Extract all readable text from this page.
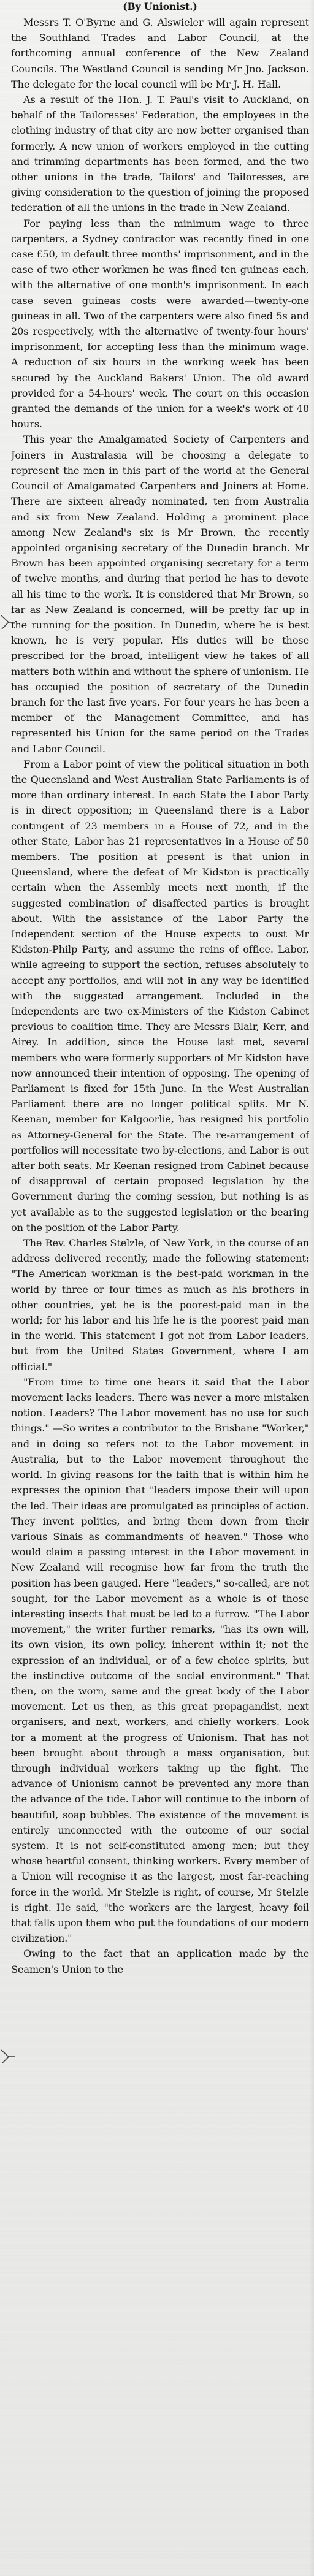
(By Unionist.)

Messrs T. O'Byrne and G. Alswieler will again represent the Southland Trades and Labor Council, at the forthcoming annual conference of the New Zealand Councils. The Westland Council is sending Mr Jno. Jackson. The delegate for the local council will be Mr J. H. Hall.

As a result of the Hon. J. T. Paul's visit to Auckland, on behalf of the Tailoresses' Federation, the employees in the clothing industry of that city are now better organised than formerly. A new union of workers employed in the cutting and trimming departments has been formed, and the two other unions in the trade, Tailors' and Tailoresses, are giving consideration to the question of joining the proposed federation of all the unions in the trade in New Zealand.

For paying less than the minimum wage to three carpenters, a Sydney contractor was recently fined in one case £50, in default three months' imprisonment, and in the case of two other workmen he was fined ten guineas each, with the alternative of one month's imprisonment. In each case seven guineas costs were awarded—twenty-one guineas in all. Two of the carpenters were also fined 5s and 20s respectively, with the alternative of twenty-four hours' imprisonment, for accepting less than the minimum wage. A reduction of six hours in the working week has been secured by the Auckland Bakers' Union. The old award provided for a 54-hours' week. The court on this occasion granted the demands of the union for a week's work of 48 hours.

This year the Amalgamated Society of Carpenters and Joiners in Australasia will be choosing a delegate to represent the men in this part of the world at the General Council of Amalgamated Carpenters and Joiners at Home. There are sixteen already nominated, ten from Australia and six from New Zealand. Holding a prominent place among New Zealand's six is Mr Brown, the recently appointed organising secretary of the Dunedin branch. Mr Brown has been appointed organising secretary for a term of twelve months, and during that period he has to devote all his time to the work. It is considered that Mr Brown, so far as New Zealand is concerned, will be pretty far up in the running for the position. In Dunedin, where he is best known, he is very popular. His duties will be those prescribed for the broad, intelligent view he takes of all matters both within and without the sphere of unionism. He has occupied the position of secretary of the Dunedin branch for the last five years. For four years he has been a member of the Management Committee, and has represented his Union for the same period on the Trades and Labor Council.

From a Labor point of view the political situation in both the Queensland and West Australian State Parliaments is of more than ordinary interest. In each State the Labor Party is in direct opposition; in Queensland there is a Labor contingent of 23 members in a House of 72, and in the other State, Labor has 21 representatives in a House of 50 members. The position at present is that union in Queensland, where the defeat of Mr Kidston is practically certain when the Assembly meets next month, if the suggested combination of disaffected parties is brought about. With the assistance of the Labor Party the Independent section of the House expects to oust Mr Kidston-Philp Party, and assume the reins of office. Labor, while agreeing to support the section, refuses absolutely to accept any portfolios, and will not in any way be identified with the suggested arrangement. Included in the Independents are two ex-Ministers of the Kidston Cabinet previous to coalition time. They are Messrs Blair, Kerr, and Airey. In addition, since the House last met, several members who were formerly supporters of Mr Kidston have now announced their intention of opposing. The opening of Parliament is fixed for 15th June. In the West Australian Parliament there are no longer political splits. Mr N. Keenan, member for Kalgoorlie, has resigned his portfolio as Attorney-General for the State. The re-arrangement of portfolios will necessitate two by-elections, and Labor is out after both seats. Mr Keenan resigned from Cabinet because of disapproval of certain proposed legislation by the Government during the coming session, but nothing is as yet available as to the suggested legislation or the bearing on the position of the Labor Party.

The Rev. Charles Stelzle, of New York, in the course of an address delivered recently, made the following statement: "The American workman is the best-paid workman in the world by three or four times as much as his brothers in other countries, yet he is the poorest-paid man in the world; for his labor and his life he is the poorest paid man in the world. This statement I got not from Labor leaders, but from the United States Government, where I am official."

"From time to time one hears it said that the Labor movement lacks leaders. There was never a more mistaken notion. Leaders? The Labor movement has no use for such things." —So writes a contributor to the Brisbane "Worker," and in doing so refers not to the Labor movement in Australia, but to the Labor movement throughout the world. In giving reasons for the faith that is within him he expresses the opinion that "leaders impose their will upon the led. Their ideas are promulgated as principles of action. They invent politics, and bring them down from their various Sinais as commandments of heaven." Those who would claim a passing interest in the Labor movement in New Zealand will recognise how far from the truth the position has been gauged. Here "leaders," so-called, are not sought, for the Labor movement as a whole is of those interesting insects that must be led to a furrow. "The Labor movement," the writer further remarks, "has its own will, its own vision, its own policy, inherent within it; not the expression of an individual, or of a few choice spirits, but the instinctive outcome of the social environment." That then, on the worn, same and the great body of the Labor movement. Let us then, as this great propagandist, next organisers, and next, workers, and chiefly workers. Look for a moment at the progress of Unionism. That has not been brought about through a mass organisation, but through individual workers taking up the fight. The advance of Unionism cannot be prevented any more than the advance of the tide. Labor will continue to the inborn of beautiful, soap bubbles. The existence of the movement is entirely unconnected with the outcome of our social system. It is not self-constituted among men; but they whose heartful consent, thinking workers. Every member of a Union will recognise it as the largest, most far-reaching force in the world. Mr Stelzle is right, of course, Mr Stelzle is right. He said, "the workers are the largest, heavy foil that falls upon them who put the foundations of our modern civilization."

Owing to the fact that an application made by the Seamen's Union to the
